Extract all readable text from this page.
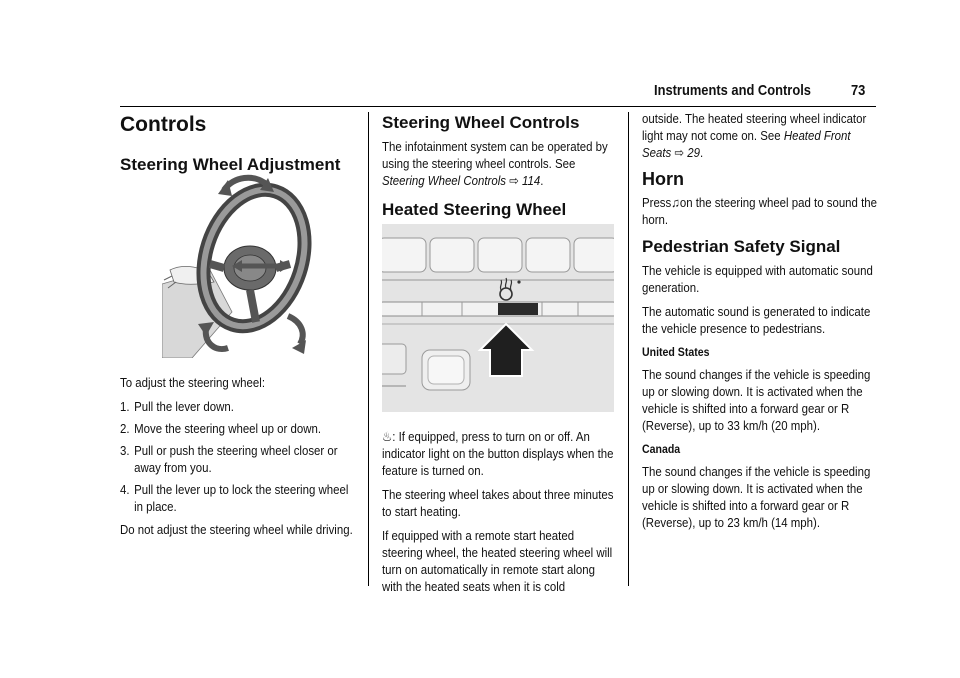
Instruments and Controls	73
Controls
Steering Wheel Adjustment

To adjust the steering wheel:

1. Pull the lever down.
2. Move the steering wheel up or down.
3. Pull or push the steering wheel closer or away from you.
4. Pull the lever up to lock the steering wheel in place.

Do not adjust the steering wheel while driving.

Steering Wheel Controls

The infotainment system can be operated by using the steering wheel controls. See Steering Wheel Controls ⇨ 114.

Heated Steering Wheel

♨: If equipped, press to turn on or off. An indicator light on the button displays when the feature is turned on.

The steering wheel takes about three minutes to start heating.

If equipped with a remote start heated steering wheel, the heated steering wheel will turn on automatically in remote start along with the heated seats when it is cold

outside. The heated steering wheel indicator light may not come on. See Heated Front Seats ⇨ 29.

Horn

Press♫on the steering wheel pad to sound the horn.

Pedestrian Safety Signal

The vehicle is equipped with automatic sound generation.

The automatic sound is generated to indicate the vehicle presence to pedestrians.

United States

The sound changes if the vehicle is speeding up or slowing down. It is activated when the vehicle is shifted into a forward gear or R (Reverse), up to 33 km/h (20 mph).

Canada

The sound changes if the vehicle is speeding up or slowing down. It is activated when the vehicle is shifted into a forward gear or R (Reverse), up to 23 km/h (14 mph).
